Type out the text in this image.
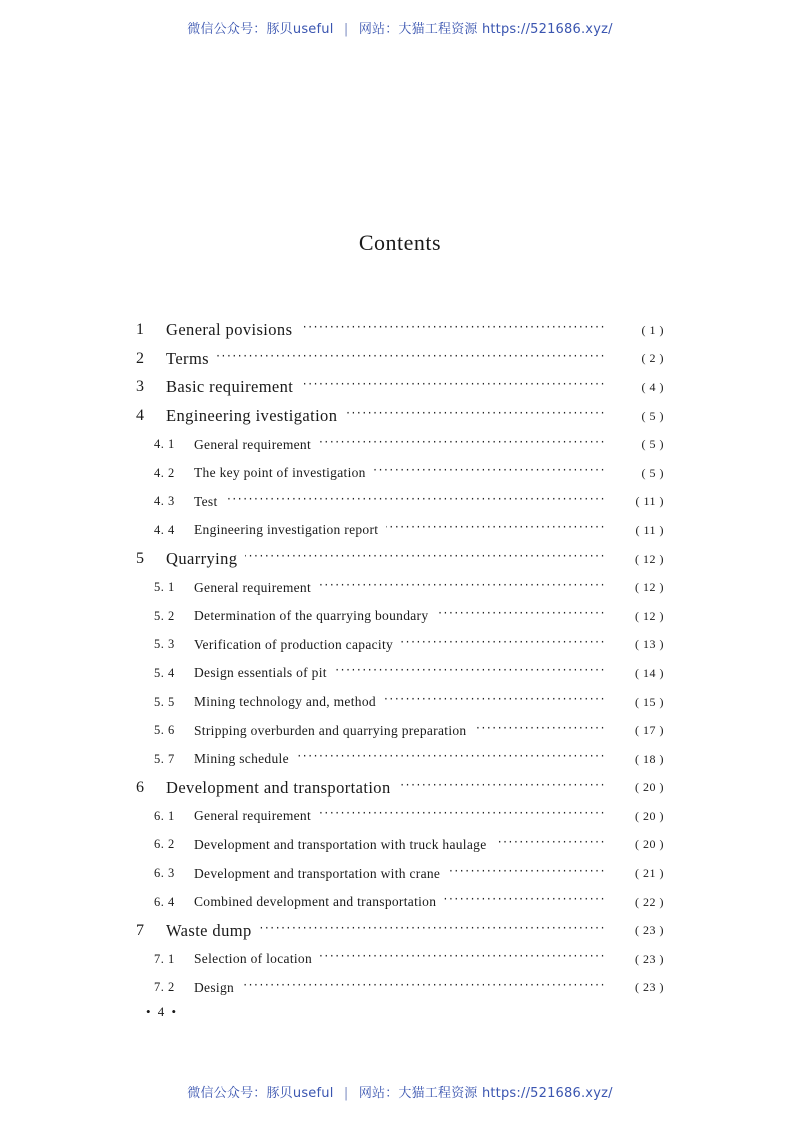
微信公众号：豚贝useful | 网站：大猫工程资源 https://521686.xyz/
Contents
1	General povisions ·····	( 1 )
2	Terms ·····	( 2 )
3	Basic requirement ·····	( 4 )
4	Engineering ivestigation ·····	( 5 )
4. 1	General requirement ·····	( 5 )
4. 2	The key point of investigation ·····	( 5 )
4. 3	Test ·····	( 11 )
4. 4	Engineering investigation report ·····	( 11 )
5	Quarrying ·····	( 12 )
5. 1	General requirement ·····	( 12 )
5. 2	Determination of the quarrying boundary ·····	( 12 )
5. 3	Verification of production capacity ·····	( 13 )
5. 4	Design essentials of pit ·····	( 14 )
5. 5	Mining technology and, method ·····	( 15 )
5. 6	Stripping overburden and quarrying preparation ·····	( 17 )
5. 7	Mining schedule ·····	( 18 )
6	Development and transportation ·····	( 20 )
6. 1	General requirement ·····	( 20 )
6. 2	Development and transportation with truck haulage ·····	( 20 )
6. 3	Development and transportation with crane ·····	( 21 )
6. 4	Combined development and transportation ·····	( 22 )
7	Waste dump ·····	( 23 )
7. 1	Selection of location ·····	( 23 )
7. 2	Design ·····	( 23 )
• 4 •
微信公众号：豚贝useful | 网站：大猫工程资源 https://521686.xyz/
